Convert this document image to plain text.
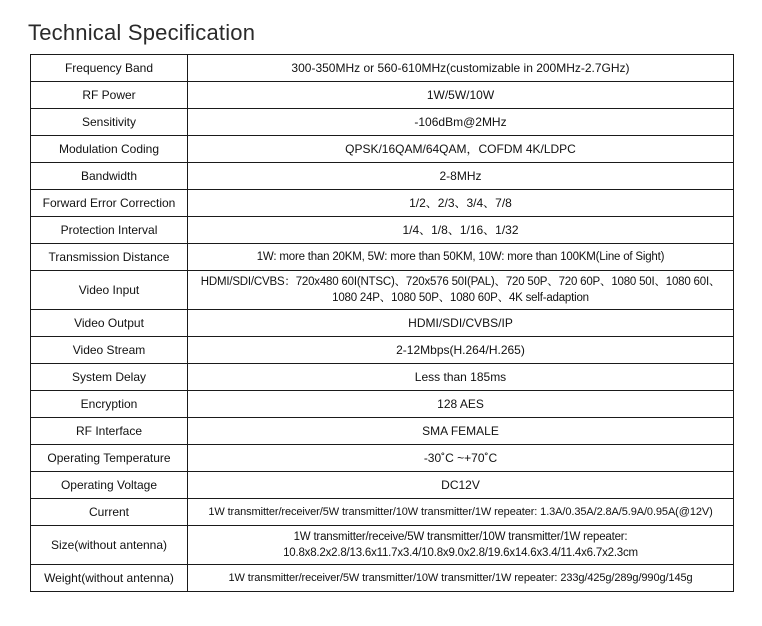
Technical Specification
Frequency Band	300-350MHz or 560-610MHz(customizable in 200MHz-2.7GHz)
RF Power	1W/5W/10W
Sensitivity	-106dBm@2MHz
Modulation Coding	QPSK/16QAM/64QAM，COFDM 4K/LDPC
Bandwidth	2-8MHz
Forward Error Correction	1/2、2/3、3/4、7/8
Protection Interval	1/4、1/8、1/16、1/32
Transmission Distance	1W: more than 20KM, 5W: more than 50KM, 10W: more than 100KM(Line of Sight)
Video Input	HDMI/SDI/CVBS：720x480 60I(NTSC)、720x576 50I(PAL)、720 50P、720 60P、1080 50I、1080 60I、1080 24P、1080 50P、1080 60P、4K self-adaption
Video Output	HDMI/SDI/CVBS/IP
Video Stream	2-12Mbps(H.264/H.265)
System Delay	Less than 185ms
Encryption	128 AES
RF Interface	SMA FEMALE
Operating Temperature	-30˚C ~+70˚C
Operating Voltage	DC12V
Current	1W transmitter/receiver/5W transmitter/10W transmitter/1W repeater: 1.3A/0.35A/2.8A/5.9A/0.95A(@12V)
Size(without antenna)	1W transmitter/receive/5W transmitter/10W transmitter/1W repeater: 10.8x8.2x2.8/13.6x11.7x3.4/10.8x9.0x2.8/19.6x14.6x3.4/11.4x6.7x2.3cm
Weight(without antenna)	1W transmitter/receiver/5W transmitter/10W transmitter/1W repeater: 233g/425g/289g/990g/145g
